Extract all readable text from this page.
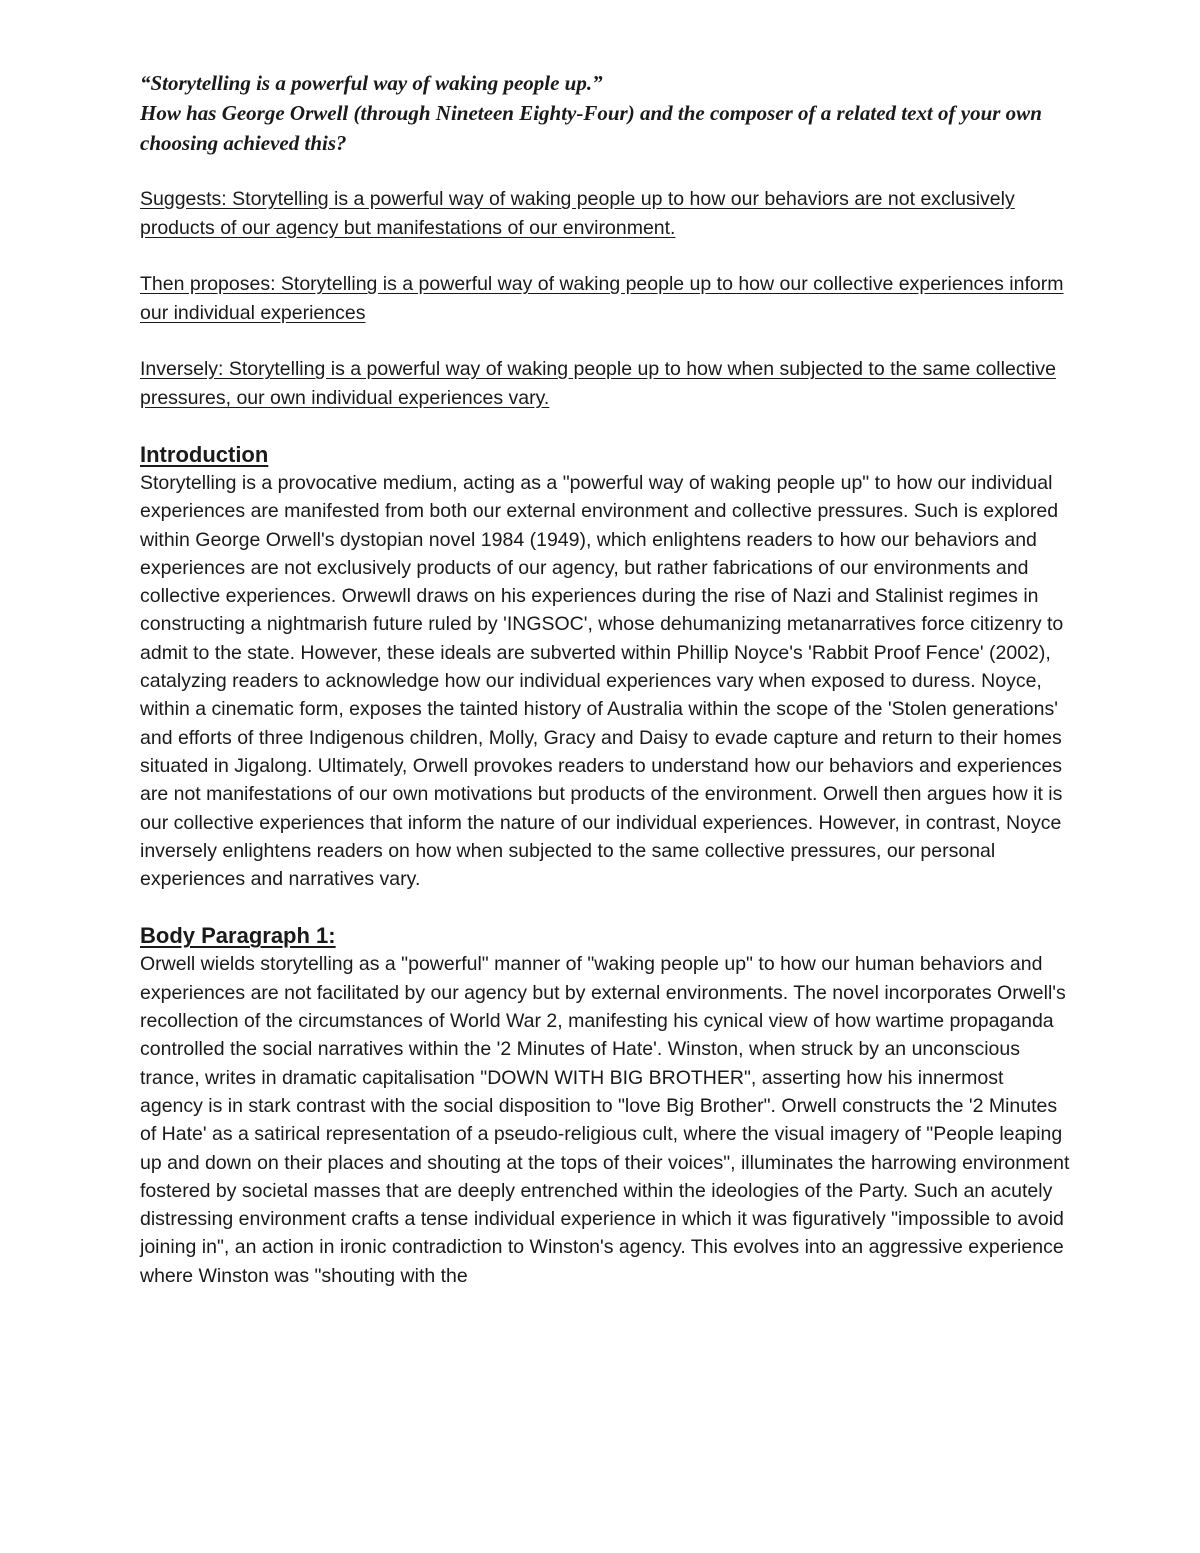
“Storytelling is a powerful way of waking people up.”

How has George Orwell (through Nineteen Eighty-Four) and the composer of a related text of your own choosing achieved this?

Suggests: Storytelling is a powerful way of waking people up to how our behaviors are not exclusively products of our agency but manifestations of our environment.

Then proposes: Storytelling is a powerful way of waking people up to how our collective experiences inform our individual experiences

Inversely: Storytelling is a powerful way of waking people up to how when subjected to the same collective pressures, our own individual experiences vary.

Introduction

Storytelling is a provocative medium, acting as a "powerful way of waking people up" to how our individual experiences are manifested from both our external environment and collective pressures. Such is explored within George Orwell's dystopian novel 1984 (1949), which enlightens readers to how our behaviors and experiences are not exclusively products of our agency, but rather fabrications of our environments and collective experiences. Orwewll draws on his experiences during the rise of Nazi and Stalinist regimes in constructing a nightmarish future ruled by 'INGSOC', whose dehumanizing metanarratives force citizenry to admit to the state. However, these ideals are subverted within Phillip Noyce's 'Rabbit Proof Fence' (2002), catalyzing readers to acknowledge how our individual experiences vary when exposed to duress. Noyce, within a cinematic form, exposes the tainted history of Australia within the scope of the 'Stolen generations' and efforts of three Indigenous children, Molly, Gracy and Daisy to evade capture and return to their homes situated in Jigalong. Ultimately, Orwell provokes readers to understand how our behaviors and experiences are not manifestations of our own motivations but products of the environment. Orwell then argues how it is our collective experiences that inform the nature of our individual experiences. However, in contrast, Noyce inversely enlightens readers on how when subjected to the same collective pressures, our personal experiences and narratives vary.

Body Paragraph 1:

Orwell wields storytelling as a "powerful" manner of "waking people up" to how our human behaviors and experiences are not facilitated by our agency but by external environments. The novel incorporates Orwell's recollection of the circumstances of World War 2, manifesting his cynical view of how wartime propaganda controlled the social narratives within the '2 Minutes of Hate'. Winston, when struck by an unconscious trance, writes in dramatic capitalisation "DOWN WITH BIG BROTHER", asserting how his innermost agency is in stark contrast with the social disposition to "love Big Brother". Orwell constructs the '2 Minutes of Hate' as a satirical representation of a pseudo-religious cult, where the visual imagery of "People leaping up and down on their places and shouting at the tops of their voices", illuminates the harrowing environment fostered by societal masses that are deeply entrenched within the ideologies of the Party. Such an acutely distressing environment crafts a tense individual experience in which it was figuratively "impossible to avoid joining in", an action in ironic contradiction to Winston's agency. This evolves into an aggressive experience where Winston was "shouting with the
